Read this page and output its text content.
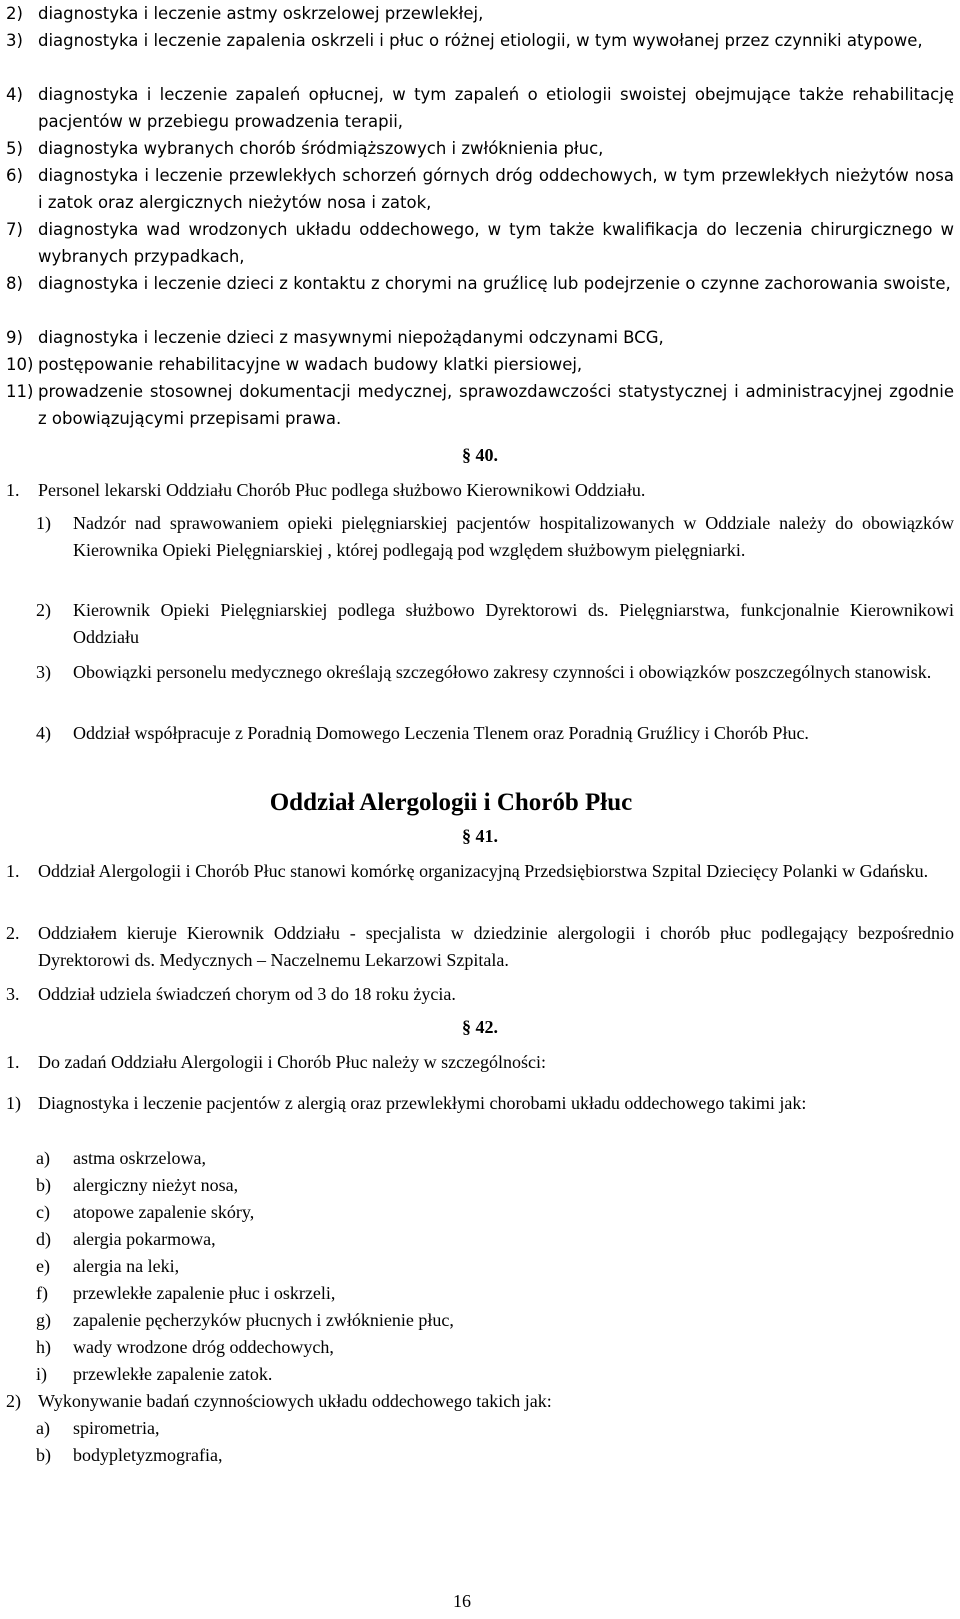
2) diagnostyka i leczenie astmy oskrzelowej przewlekłej,
3) diagnostyka i leczenie zapalenia oskrzeli i płuc o różnej etiologii, w tym wywołanej przez czynniki atypowe,
4) diagnostyka i leczenie zapaleń opłucnej, w tym zapaleń o etiologii swoistej obejmujące także rehabilitację pacjentów w przebiegu prowadzenia terapii,
5) diagnostyka wybranych chorób śródmiąższowych i zwłóknienia płuc,
6) diagnostyka i leczenie przewlekłych schorzeń górnych dróg oddechowych, w tym przewlekłych nieżytów nosa i zatok oraz alergicznych nieżytów nosa i zatok,
7) diagnostyka wad wrodzonych układu oddechowego, w tym także kwalifikacja do leczenia chirurgicznego w wybranych przypadkach,
8) diagnostyka i leczenie dzieci z kontaktu z chorymi na gruźlicę lub podejrzenie o czynne zachorowania swoiste,
9) diagnostyka i leczenie dzieci z masywnymi niepożądanymi odczynami BCG,
10) postępowanie rehabilitacyjne w wadach budowy klatki piersiowej,
11) prowadzenie stosownej dokumentacji medycznej, sprawozdawczości statystycznej i administracyjnej zgodnie z obowiązującymi przepisami prawa.
§ 40.
1. Personel lekarski Oddziału Chorób Płuc podlega służbowo Kierownikowi Oddziału.
1) Nadzór nad sprawowaniem opieki pielęgniarskiej pacjentów hospitalizowanych w Oddziale należy do obowiązków Kierownika Opieki Pielęgniarskiej , której podlegają pod względem służbowym pielęgniarki.
2) Kierownik Opieki Pielęgniarskiej podlega służbowo Dyrektorowi ds. Pielęgniarstwa, funkcjonalnie Kierownikowi Oddziału
3) Obowiązki personelu medycznego określają szczegółowo zakresy czynności i obowiązków poszczególnych stanowisk.
4) Oddział współpracuje z Poradnią Domowego Leczenia Tlenem oraz Poradnią Gruźlicy i Chorób Płuc.
Oddział Alergologii i Chorób Płuc
§ 41.
1. Oddział Alergologii i Chorób Płuc stanowi komórkę organizacyjną Przedsiębiorstwa Szpital Dziecięcy Polanki w Gdańsku.
2. Oddziałem kieruje Kierownik Oddziału - specjalista w dziedzinie alergologii i chorób płuc podlegający bezpośrednio Dyrektorowi ds. Medycznych – Naczelnemu Lekarzowi Szpitala.
3. Oddział udziela świadczeń chorym od 3 do 18 roku życia.
§ 42.
1. Do zadań Oddziału Alergologii i Chorób Płuc należy w szczególności:
1) Diagnostyka i leczenie pacjentów z alergią oraz przewlekłymi chorobami układu oddechowego takimi jak:
a) astma oskrzelowa,
b) alergiczny nieżyt nosa,
c) atopowe zapalenie skóry,
d) alergia pokarmowa,
e) alergia na leki,
f) przewlekłe zapalenie płuc i oskrzeli,
g) zapalenie pęcherzyków płucnych i zwłóknienie płuc,
h) wady wrodzone dróg oddechowych,
i) przewlekłe zapalenie zatok.
2) Wykonywanie badań czynnościowych układu oddechowego takich jak:
a) spirometria,
b) bodypletyzmografia,
16
